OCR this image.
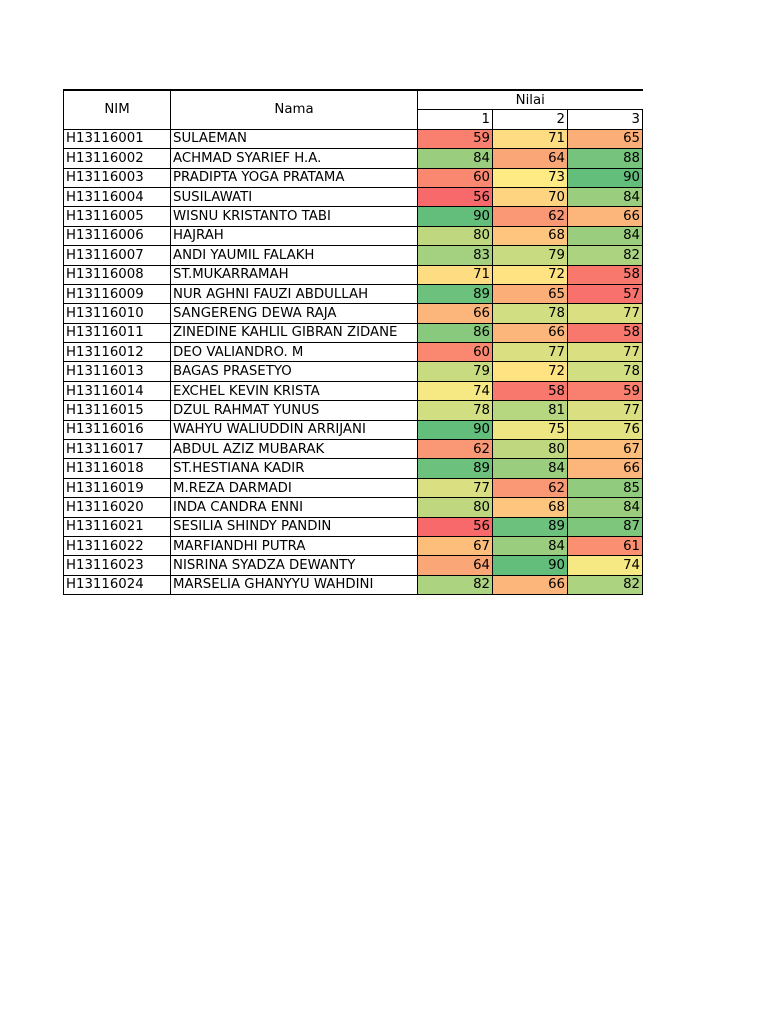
NIM	Nama	Nilai		
		1	2	3
H13116001	SULAEMAN	59	71	65
H13116002	ACHMAD SYARIEF H.A.	84	64	88
H13116003	PRADIPTA YOGA PRATAMA	60	73	90
H13116004	SUSILAWATI	56	70	84
H13116005	WISNU KRISTANTO TABI	90	62	66
H13116006	HAJRAH	80	68	84
H13116007	ANDI YAUMIL FALAKH	83	79	82
H13116008	ST.MUKARRAMAH	71	72	58
H13116009	NUR AGHNI FAUZI ABDULLAH	89	65	57
H13116010	SANGERENG DEWA RAJA	66	78	77
H13116011	ZINEDINE KAHLIL GIBRAN ZIDANE	86	66	58
H13116012	DEO VALIANDRO. M	60	77	77
H13116013	BAGAS PRASETYO	79	72	78
H13116014	EXCHEL KEVIN KRISTA	74	58	59
H13116015	DZUL RAHMAT YUNUS	78	81	77
H13116016	WAHYU WALIUDDIN ARRIJANI	90	75	76
H13116017	ABDUL AZIZ MUBARAK	62	80	67
H13116018	ST.HESTIANA KADIR	89	84	66
H13116019	M.REZA DARMADI	77	62	85
H13116020	INDA CANDRA ENNI	80	68	84
H13116021	SESILIA SHINDY PANDIN	56	89	87
H13116022	MARFIANDHI PUTRA	67	84	61
H13116023	NISRINA SYADZA DEWANTY	64	90	74
H13116024	MARSELIA GHANYYU WAHDINI	82	66	82
